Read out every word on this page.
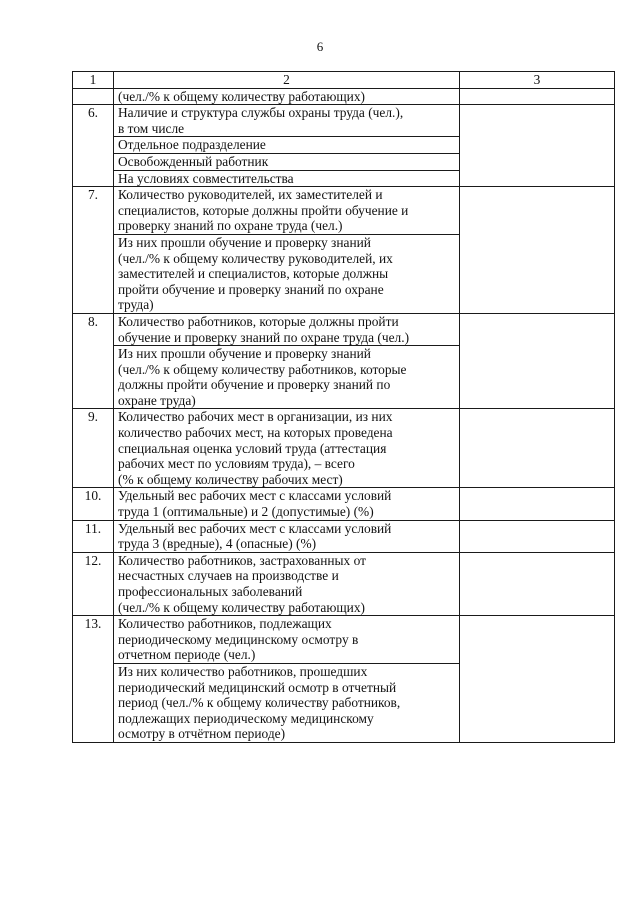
6
1	2	3

	(чел./% к общему количеству работающих)	

6.	Наличие и структура службы охраны труда (чел.),
в том числе	

	Отдельное подразделение	

	Освобожденный работник	

	На условиях совместительства	

7.	Количество руководителей, их заместителей и
специалистов, которые должны пройти обучение и
проверку знаний по охране труда (чел.)	

	Из них прошли обучение и проверку знаний
(чел./% к общему количеству руководителей, их
заместителей и специалистов, которые должны
пройти обучение и проверку знаний по охране
труда)	

8.	Количество работников, которые должны пройти
обучение и проверку знаний по охране труда (чел.)	

	Из них прошли обучение и проверку знаний
(чел./% к общему количеству работников, которые
должны пройти обучение и проверку знаний по
охране труда)	

9.	Количество рабочих мест в организации, из них
количество рабочих мест, на которых проведена
специальная оценка условий труда (аттестация
рабочих мест по условиям труда), – всего
(% к общему количеству рабочих мест)	

10.	Удельный вес рабочих мест с классами условий
труда 1 (оптимальные) и 2 (допустимые) (%)	

11.	Удельный вес рабочих мест с классами условий
труда 3 (вредные), 4 (опасные) (%)	

12.	Количество работников, застрахованных от
несчастных случаев на производстве и
профессиональных заболеваний
(чел./% к общему количеству работающих)	

13.	Количество работников, подлежащих
периодическому медицинскому осмотру в
отчетном периоде (чел.)	

	Из них количество работников, прошедших
периодический медицинский осмотр в отчетный
период (чел./% к общему количеству работников,
подлежащих периодическому медицинскому
осмотру в отчётном периоде)	
